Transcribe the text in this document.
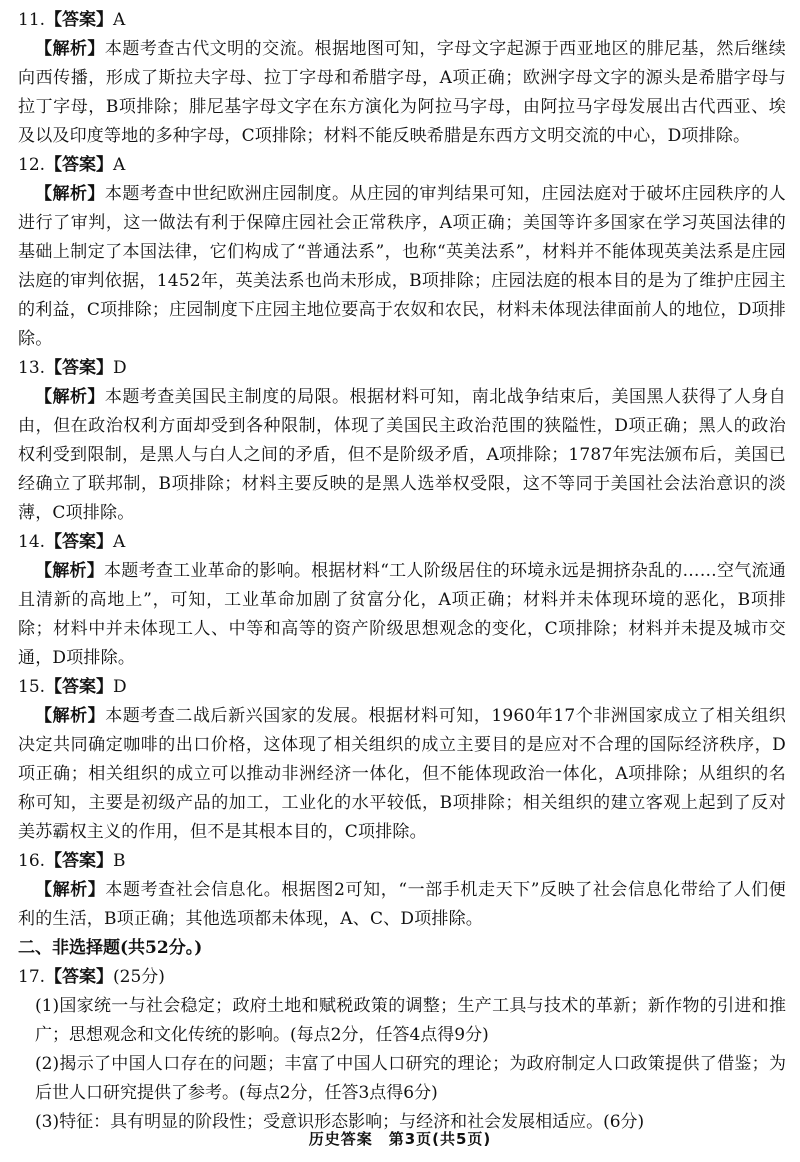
11.【答案】A

【解析】本题考查古代文明的交流。根据地图可知，字母文字起源于西亚地区的腓尼基，然后继续向西传播，形成了斯拉夫字母、拉丁字母和希腊字母，A项正确；欧洲字母文字的源头是希腊字母与拉丁字母，B项排除；腓尼基字母文字在东方演化为阿拉马字母，由阿拉马字母发展出古代西亚、埃及以及印度等地的多种字母，C项排除；材料不能反映希腊是东西方文明交流的中心，D项排除。

12.【答案】A

【解析】本题考查中世纪欧洲庄园制度。从庄园的审判结果可知，庄园法庭对于破坏庄园秩序的人进行了审判，这一做法有利于保障庄园社会正常秩序，A项正确；美国等许多国家在学习英国法律的基础上制定了本国法律，它们构成了“普通法系”，也称“英美法系”，材料并不能体现英美法系是庄园法庭的审判依据，1452年，英美法系也尚未形成，B项排除；庄园法庭的根本目的是为了维护庄园主的利益，C项排除；庄园制度下庄园主地位要高于农奴和农民，材料未体现法律面前人的地位，D项排除。

13.【答案】D

【解析】本题考查美国民主制度的局限。根据材料可知，南北战争结束后，美国黑人获得了人身自由，但在政治权利方面却受到各种限制，体现了美国民主政治范围的狭隘性，D项正确；黑人的政治权利受到限制，是黑人与白人之间的矛盾，但不是阶级矛盾，A项排除；1787年宪法颁布后，美国已经确立了联邦制，B项排除；材料主要反映的是黑人选举权受限，这不等同于美国社会法治意识的淡薄，C项排除。

14.【答案】A

【解析】本题考查工业革命的影响。根据材料“工人阶级居住的环境永远是拥挤杂乱的……空气流通且清新的高地上”，可知，工业革命加剧了贫富分化，A项正确；材料并未体现环境的恶化，B项排除；材料中并未体现工人、中等和高等的资产阶级思想观念的变化，C项排除；材料并未提及城市交通，D项排除。

15.【答案】D

【解析】本题考查二战后新兴国家的发展。根据材料可知，1960年17个非洲国家成立了相关组织决定共同确定咖啡的出口价格，这体现了相关组织的成立主要目的是应对不合理的国际经济秩序，D项正确；相关组织的成立可以推动非洲经济一体化，但不能体现政治一体化，A项排除；从组织的名称可知，主要是初级产品的加工，工业化的水平较低，B项排除；相关组织的建立客观上起到了反对美苏霸权主义的作用，但不是其根本目的，C项排除。

16.【答案】B

【解析】本题考查社会信息化。根据图2可知，“一部手机走天下”反映了社会信息化带给了人们便利的生活，B项正确；其他选项都未体现，A、C、D项排除。

二、非选择题(共52分。)
17.【答案】(25分)
(1)国家统一与社会稳定；政府土地和赋税政策的调整；生产工具与技术的革新；新作物的引进和推广；思想观念和文化传统的影响。(每点2分，任答4点得9分)
(2)揭示了中国人口存在的问题；丰富了中国人口研究的理论；为政府制定人口政策提供了借鉴；为后世人口研究提供了参考。(每点2分，任答3点得6分)
(3)特征：具有明显的阶段性；受意识形态影响；与经济和社会发展相适应。(6分)
历史答案　第3页(共5页)
